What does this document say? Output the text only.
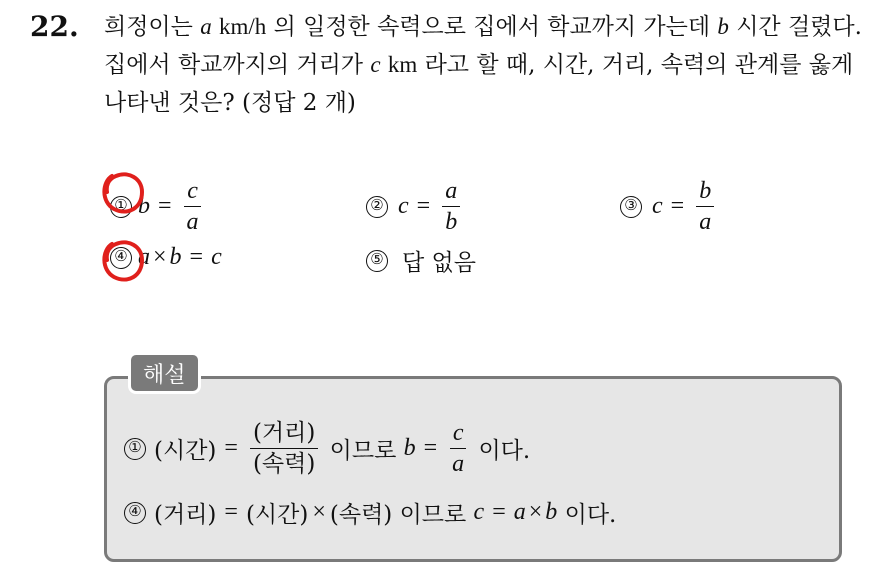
22. 희정이는 a km/h 의 일정한 속력으로 집에서 학교까지 가는데 b 시간 걸렸다. 집에서 학교까지의 거리가 c km 라고 할 때, 시간, 거리, 속력의 관계를 옳게 나타낸 것은? (정답 2 개)
① $b = \frac{c}{a}$	② $c = \frac{a}{b}$	③ $c = \frac{b}{a}$
④ a × b = c	⑤ 답 없음
해설
① (시간) = $\frac{\text{(거리)}}{\text{(속력)}}$ 이므로 $b = \frac{c}{a}$ 이다.
④ (거리) = (시간) × (속력) 이므로 c = a × b 이다.
